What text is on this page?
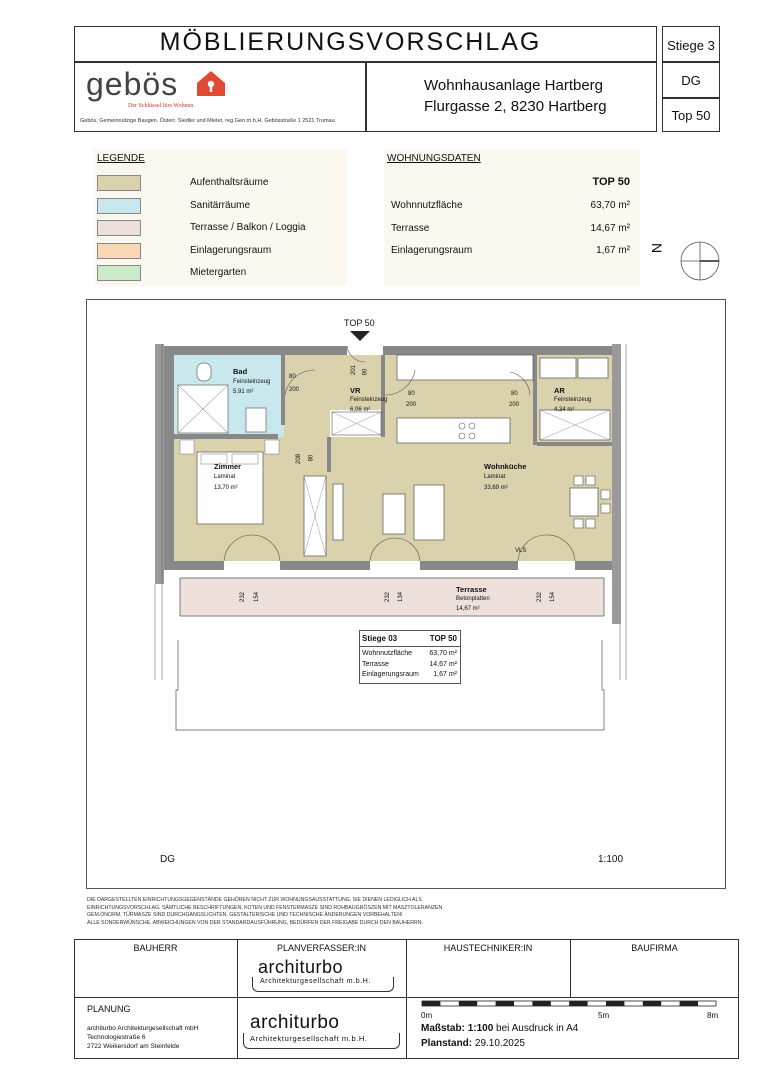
MÖBLIERUNGSVORSCHLAG	Stiege 3
DG
Top 50
gebös
Der Schlüssel fürs Wohnen
Gebös, Gemeinnützige Baugen. Österr. Siedler und Mieter, reg.Gen.m.b.H. Gebösstraße 1 2521 Trumau
Wohnhausanlage Hartberg
Flurgasse 2, 8230 Hartberg
LEGENDE
Aufenthaltsräume
Sanitärräume
Terrasse / Balkon / Loggia
Einlagerungsraum
Mietergarten
WOHNUNGSDATEN
TOP 50
Wohnnutzfläche	63,70 m²
Terrasse	14,67 m²
Einlagerungsraum	1,67 m² N
TOP 50
Bad
Feinsteinzeug
5,91 m²	VR
Feinsteinzeug
6,06 m²
AR
Feinsteinzeug
4,34 m²
Zimmer
Laminat
13,70 m²
Wohnküche
Laminat
33,69 m²
Terrasse
Betonplatten
14,67 m²
80
200
80
200
80
200
201 90
208 80
232 154	232 134	232 154
VLS
Stiege 03	TOP 50
Wohnnutzfläche	63,70 m²
Terrasse	14,67 m²
Einlagerungsraum	1,67 m²
DG	1:100
DIE DARGESTELLTEN EINRICHTUNGSGEGENSTÄNDE GEHÖREN NICHT ZUR WOHNUNGSAUSSTATTUNG, SIE DIENEN LEDIGLICH ALS
EINRICHTUNGSVORSCHLAG. SÄMTLICHE BESCHRIFTUNGEN, KOTEN UND FENSTERMASZE SIND ROHBAUGRÖSZEN MIT MASZTOLERANZEN
GEM.ÖNORM. TÜRMASZE SIND DURCHGANGSLICHTEN. GESTALTERISCHE UND TECHNISCHE ÄNDERUNGEN VORBEHALTEN!
ALLE SONDERWÜNSCHE, ABWEICHUNGEN VON DER STANDARDAUSFÜHRUNG, BEDÜRFEN DER FREIGABE DURCH DEN BAUHERRN.
BAUHERR	PLANVERFASSER:IN	HAUSTECHNIKER:IN	BAUFIRMA
architurbo
Architekturgesellschaft m.b.H.
PLANUNG
architurbo Architekturgesellschaft mbH
Technologiestraße 6
2722 Weikersdorf am Steinfelde
architurbo
Architekturgesellschaft m.b.H.
0m	5m	8m
Maßstab: 1:100 bei Ausdruck in A4
Planstand: 29.10.2025
